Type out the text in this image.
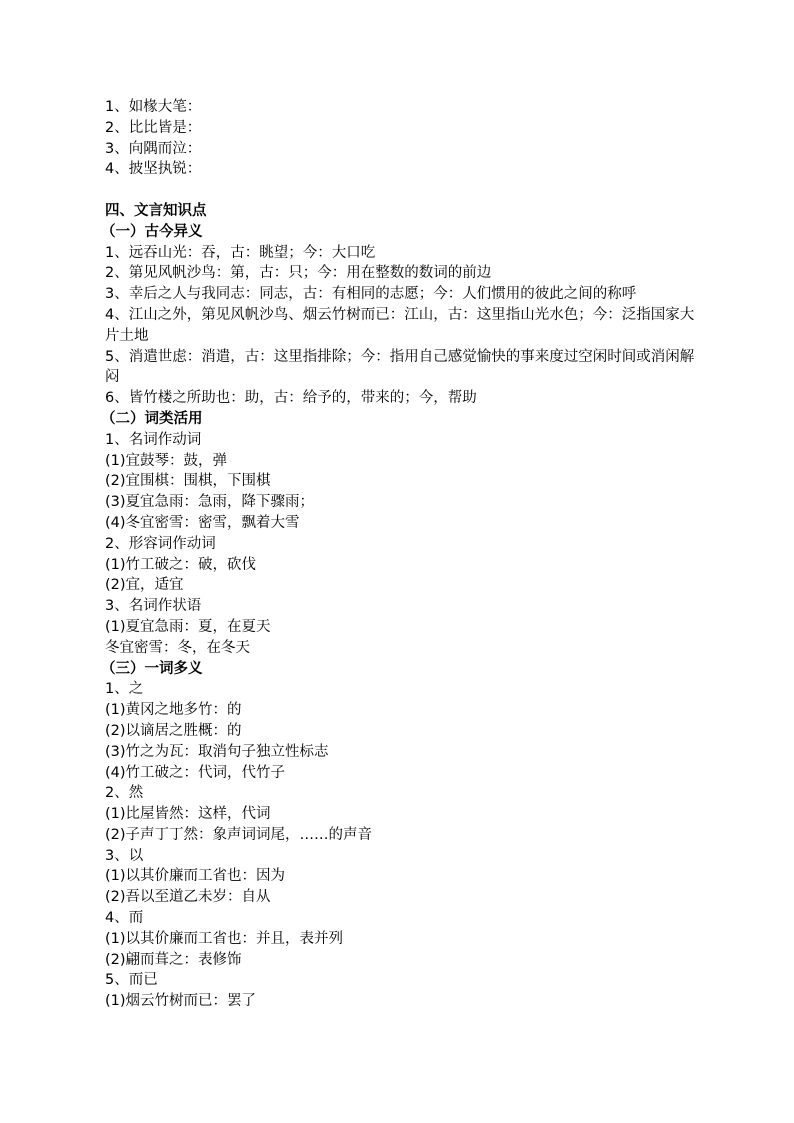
1、如椽大笔：
2、比比皆是：
3、向隅而泣：
4、披坚执锐：
四、文言知识点
（一）古今异义
1、远吞山光：吞，古：眺望；今：大口吃
2、第见风帆沙鸟：第，古：只；今：用在整数的数词的前边
3、幸后之人与我同志：同志，古：有相同的志愿；今：人们惯用的彼此之间的称呼
4、江山之外，第见风帆沙鸟、烟云竹树而已：江山，古：这里指山光水色；今：泛指国家大片土地
5、消遣世虑：消遣，古：这里指排除；今：指用自己感觉愉快的事来度过空闲时间或消闲解闷
6、皆竹楼之所助也：助，古：给予的，带来的；今，帮助
（二）词类活用
1、名词作动词
(1)宜鼓琴：鼓，弹
(2)宜围棋：围棋，下围棋
(3)夏宜急雨：急雨，降下骤雨；
(4)冬宜密雪：密雪，飘着大雪
2、形容词作动词
(1)竹工破之：破，砍伐
(2)宜，适宜
3、名词作状语
(1)夏宜急雨：夏，在夏天
冬宜密雪：冬，在冬天
（三）一词多义
1、之
(1)黄冈之地多竹：的
(2)以谪居之胜概：的
(3)竹之为瓦：取消句子独立性标志
(4)竹工破之：代词，代竹子
2、然
(1)比屋皆然：这样，代词
(2)子声丁丁然：象声词词尾，……的声音
3、以
(1)以其价廉而工省也：因为
(2)吾以至道乙未岁：自从
4、而
(1)以其价廉而工省也：并且，表并列
(2)翩而葺之：表修饰
5、而已
(1)烟云竹树而已：罢了
